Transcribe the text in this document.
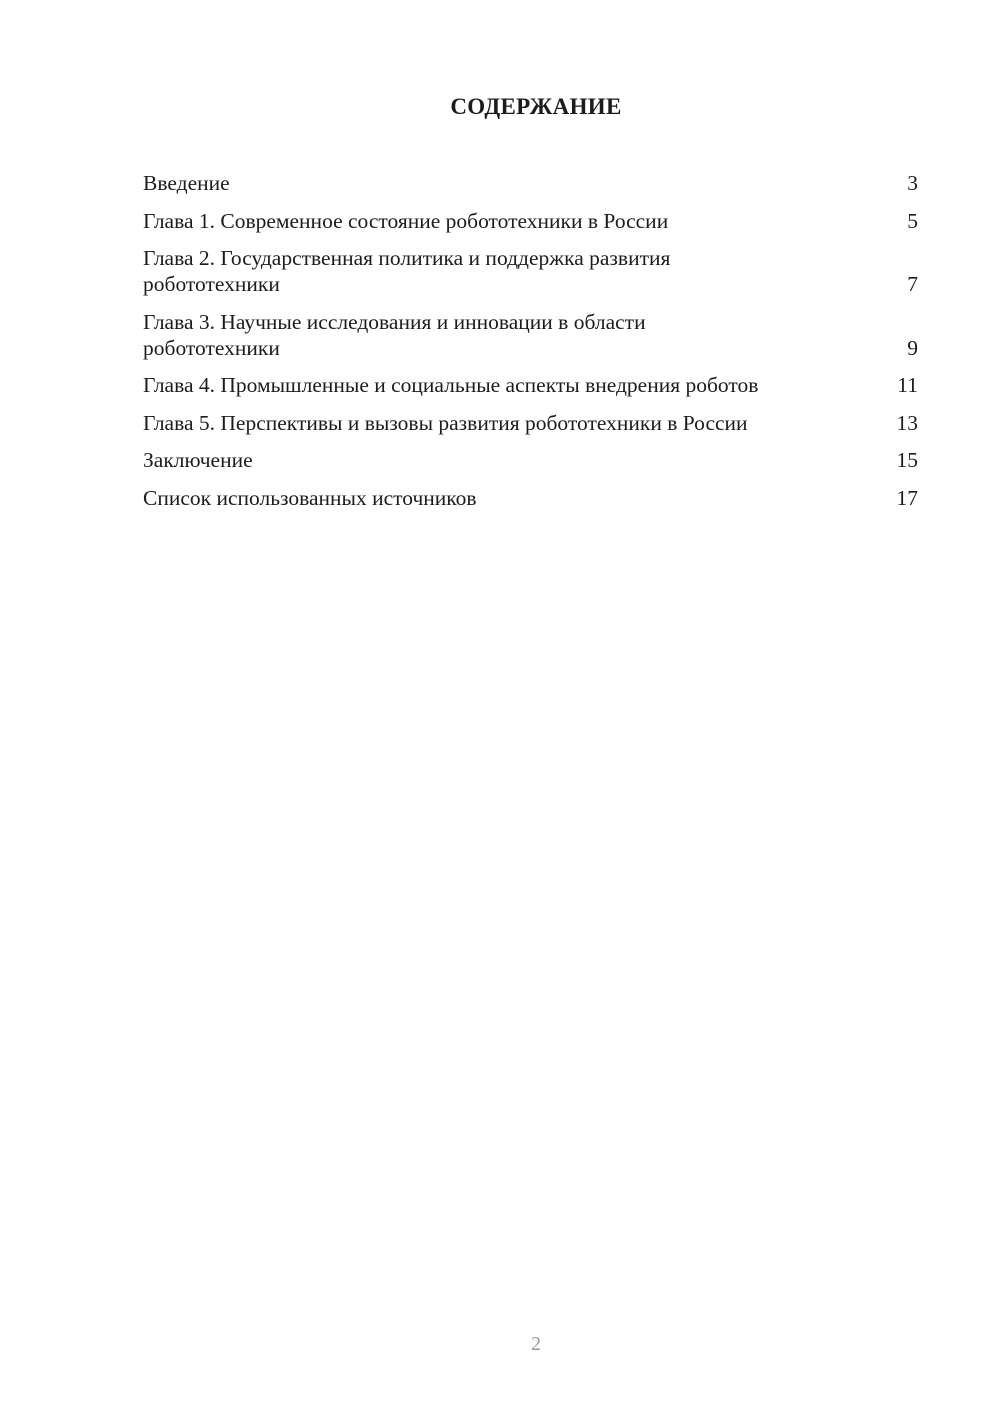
СОДЕРЖАНИЕ
Введение	3
Глава 1. Современное состояние робототехники в России	5
Глава 2. Государственная политика и поддержка развития робототехники	7
Глава 3. Научные исследования и инновации в области робототехники	9
Глава 4. Промышленные и социальные аспекты внедрения роботов	11
Глава 5. Перспективы и вызовы развития робототехники в России	13
Заключение	15
Список использованных источников	17
2
